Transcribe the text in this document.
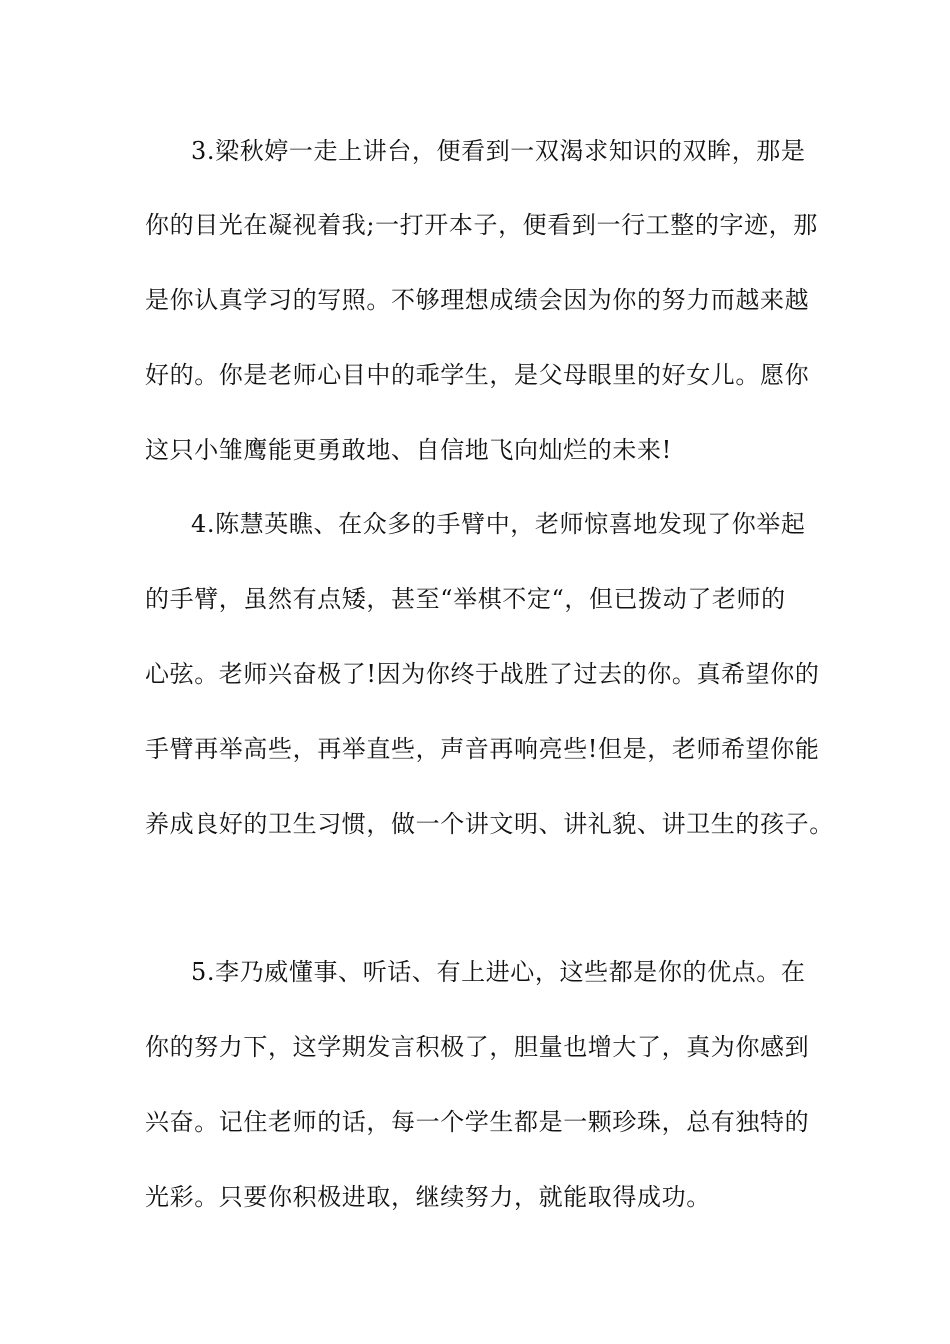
3.梁秋婷一走上讲台，便看到一双渴求知识的双眸，那是
你的目光在凝视着我;一打开本子，便看到一行工整的字迹，那
是你认真学习的写照。不够理想成绩会因为你的努力而越来越
好的。你是老师心目中的乖学生，是父母眼里的好女儿。愿你
这只小雏鹰能更勇敢地、自信地飞向灿烂的未来!
4.陈慧英瞧、在众多的手臂中，老师惊喜地发现了你举起
的手臂，虽然有点矮，甚至“举棋不定“，但已拨动了老师的
心弦。老师兴奋极了!因为你终于战胜了过去的你。真希望你的
手臂再举高些，再举直些，声音再响亮些!但是，老师希望你能
养成良好的卫生习惯，做一个讲文明、讲礼貌、讲卫生的孩子。
5.李乃威懂事、听话、有上进心，这些都是你的优点。在
你的努力下，这学期发言积极了，胆量也增大了，真为你感到
兴奋。记住老师的话，每一个学生都是一颗珍珠，总有独特的
光彩。只要你积极进取，继续努力，就能取得成功。
